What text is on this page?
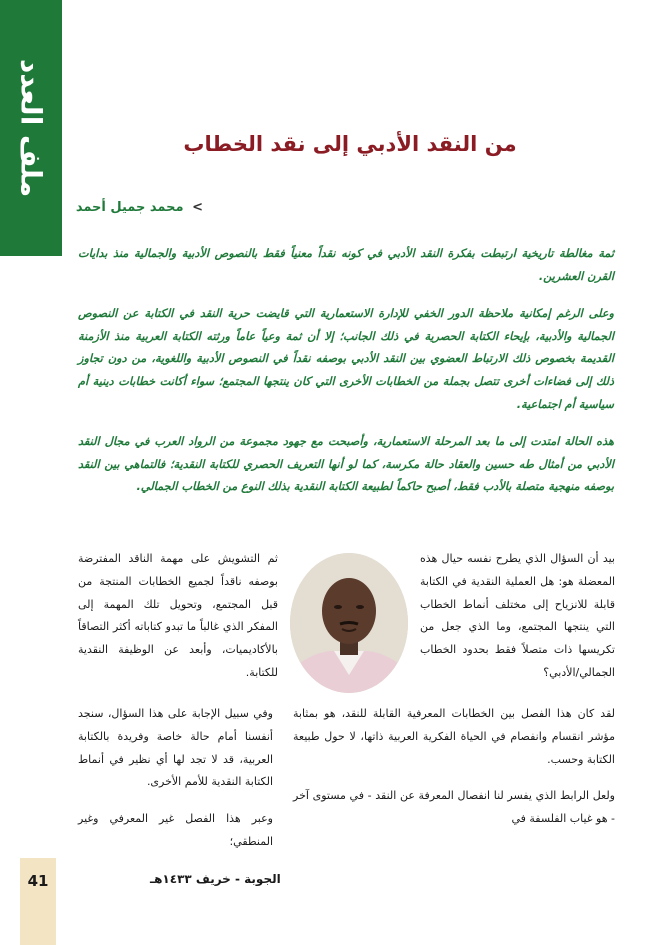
ملف العدد	من النقد الأدبي إلى نقد الخطاب
> محمد جميل أحمد

ثمة مغالطة تاريخية ارتبطت بفكرة النقد الأدبي في كونه نقداً معنياً فقط بالنصوص الأدبية والجمالية منذ بدايات القرن العشرين.

وعلى الرغم إمكانية ملاحظة الدور الخفي للإدارة الاستعمارية التي قايضت حرية النقد في الكتابة عن النصوص الجمالية والأدبية، بإيحاء الكتابة الحصرية في ذلك الجانب؛ إلا أن ثمة وعياً عاماً ورثته الكتابة العربية منذ الأزمنة القديمة بخصوص ذلك الارتباط العضوي بين النقد الأدبي بوصفه نقداً في النصوص الأدبية واللغوية، من دون تجاوز ذلك إلى فضاءات أخرى تتصل بجملة من الخطابات الأخرى التي كان ينتجها المجتمع؛ سواء أكانت خطابات دينية أم سياسية أم اجتماعية.

هذه الحالة امتدت إلى ما بعد المرحلة الاستعمارية، وأصبحت مع جهود مجموعة من الرواد العرب في مجال النقد الأدبي من أمثال طه حسين والعقاد حالة مكرسة، كما لو أنها التعريف الحصري للكتابة النقدية؛ فالتماهي بين النقد بوصفه منهجية متصلة بالأدب فقط، أصبح حاكماً لطبيعة الكتابة النقدية بذلك النوع من الخطاب الجمالي.

بيد أن السؤال الذي يطرح نفسه حيال هذه المعضلة هو: هل العملية النقدية في الكتابة قابلة للانزياح إلى مختلف أنماط الخطاب التي ينتجها المجتمع، وما الذي جعل من تكريسها ذات متصلاً فقط بحدود الخطاب الجمالي/الأدبي؟

ثم التشويش على مهمة الناقد المفترضة بوصفه ناقداً لجميع الخطابات المنتجة من قبل المجتمع، وتحويل تلك المهمة إلى المفكر الذي غالباً ما تبدو كتاباته أكثر التصاقاً بالأكاديميات، وأبعد عن الوظيفة النقدية للكتابة.

وفي سبيل الإجابة على هذا السؤال، سنجد أنفسنا أمام حالة خاصة وفريدة بالكتابة العربية، قد لا تجد لها أي نظير في أنماط الكتابة النقدية للأمم الأخرى.

وعبر هذا الفصل غير المعرفي وغير المنطقي؛

لقد كان هذا الفصل بين الخطابات المعرفية القابلة للنقد، هو بمثابة مؤشر انقسام وانفصام في الحياة الفكرية العربية ذاتها، لا حول طبيعة الكتابة وحسب.

ولعل الرابط الذي يفسر لنا انفصال المعرفة عن النقد - في مستوى آخر - هو غياب الفلسفة في

41	الجوبة - خريف ١٤٣٣هـ
